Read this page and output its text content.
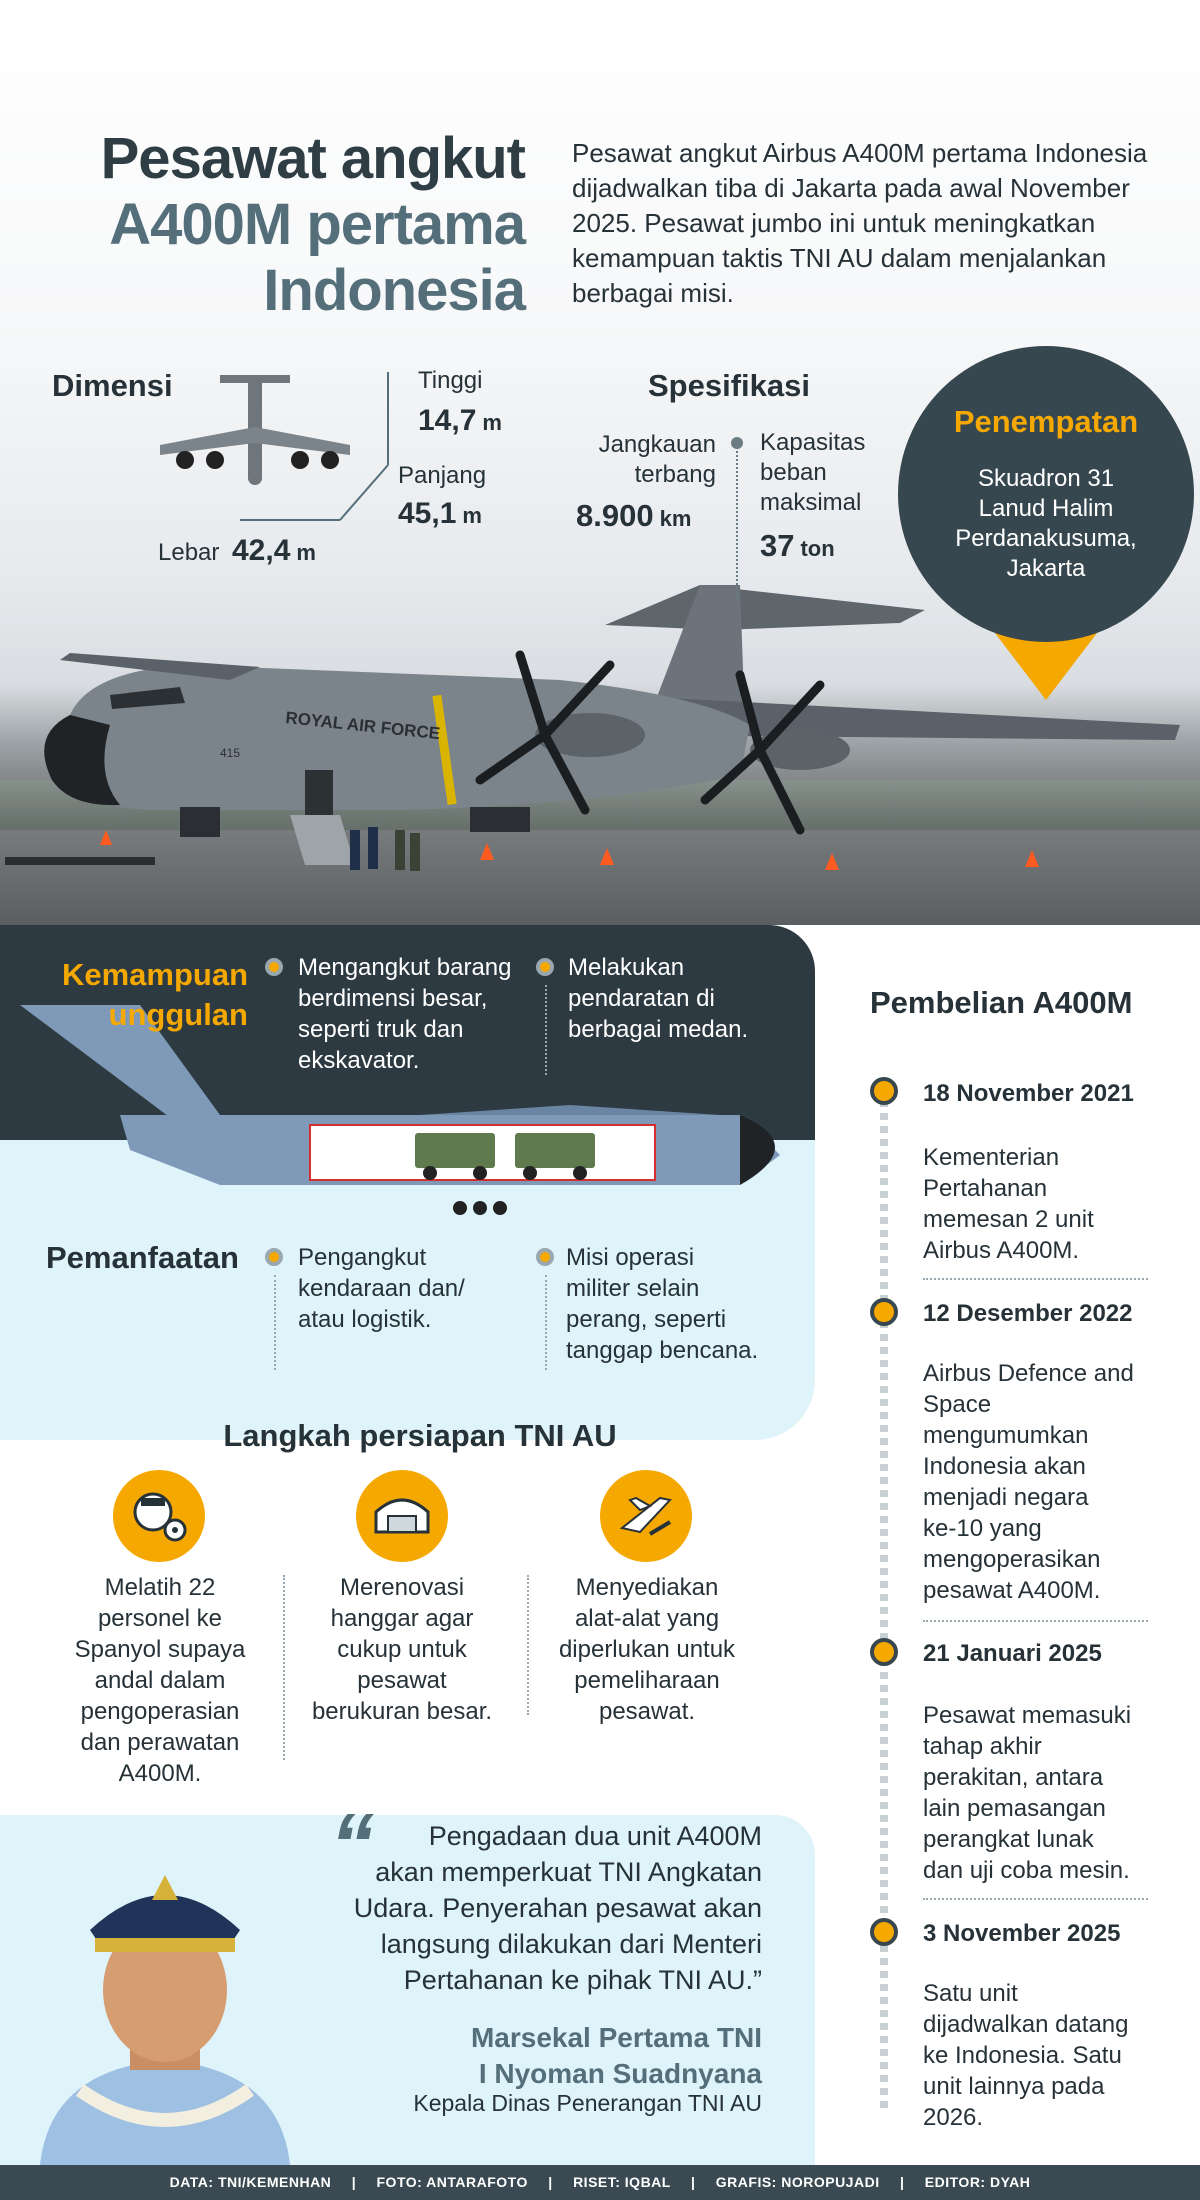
ROYAL AIR FORCE
415
Pesawat angkut
A400M pertama
Indonesia
Pesawat angkut Airbus A400M pertama Indonesia dijadwalkan tiba di Jakarta pada awal November 2025. Pesawat jumbo ini untuk meningkatkan kemampuan taktis TNI AU dalam menjalankan berbagai misi.
Dimensi	Tinggi
14,7 m
Panjang
45,1 m
Lebar 42,4 m
Spesifikasi
Jangkauan
terbang
8.900 km
Kapasitas
beban
maksimal
37 ton
Penempatan
Skuadron 31
Lanud Halim
Perdanakusuma,
Jakarta
Kemampuan
unggulan
Mengangkut barang
berdimensi besar,
seperti truk dan
ekskavator.
Melakukan
pendaratan di
berbagai medan.
Pemanfaatan Pengangkut
kendaraan dan/
atau logistik.
Misi operasi
militer selain
perang, seperti
tanggap bencana.
Langkah persiapan TNI AU
Melatih 22
personel ke
Spanyol supaya
andal dalam
pengoperasian
dan perawatan
A400M.
Merenovasi
hanggar agar
cukup untuk
pesawat
berukuran besar.
Menyediakan
alat-alat yang
diperlukan untuk
pemeliharaan
pesawat.
“	Pengadaan dua unit A400M
akan memperkuat TNI Angkatan
Udara. Penyerahan pesawat akan
langsung dilakukan dari Menteri
Pertahanan ke pihak TNI AU.”
Marsekal Pertama TNI
I Nyoman Suadnyana
Kepala Dinas Penerangan TNI AU
Pembelian A400M
18 November 2021
Kementerian
Pertahanan
memesan 2 unit
Airbus A400M.
12 Desember 2022
Airbus Defence and
Space
mengumumkan
Indonesia akan
menjadi negara
ke-10 yang
mengoperasikan
pesawat A400M.
21 Januari 2025
Pesawat memasuki
tahap akhir
perakitan, antara
lain pemasangan
perangkat lunak
dan uji coba mesin.
3 November 2025
Satu unit
dijadwalkan datang
ke Indonesia. Satu
unit lainnya pada
2026.
DATA: TNI/KEMENHAN | FOTO: ANTARAFOTO | RISET: IQBAL | GRAFIS: NOROPUJADI | EDITOR: DYAH
